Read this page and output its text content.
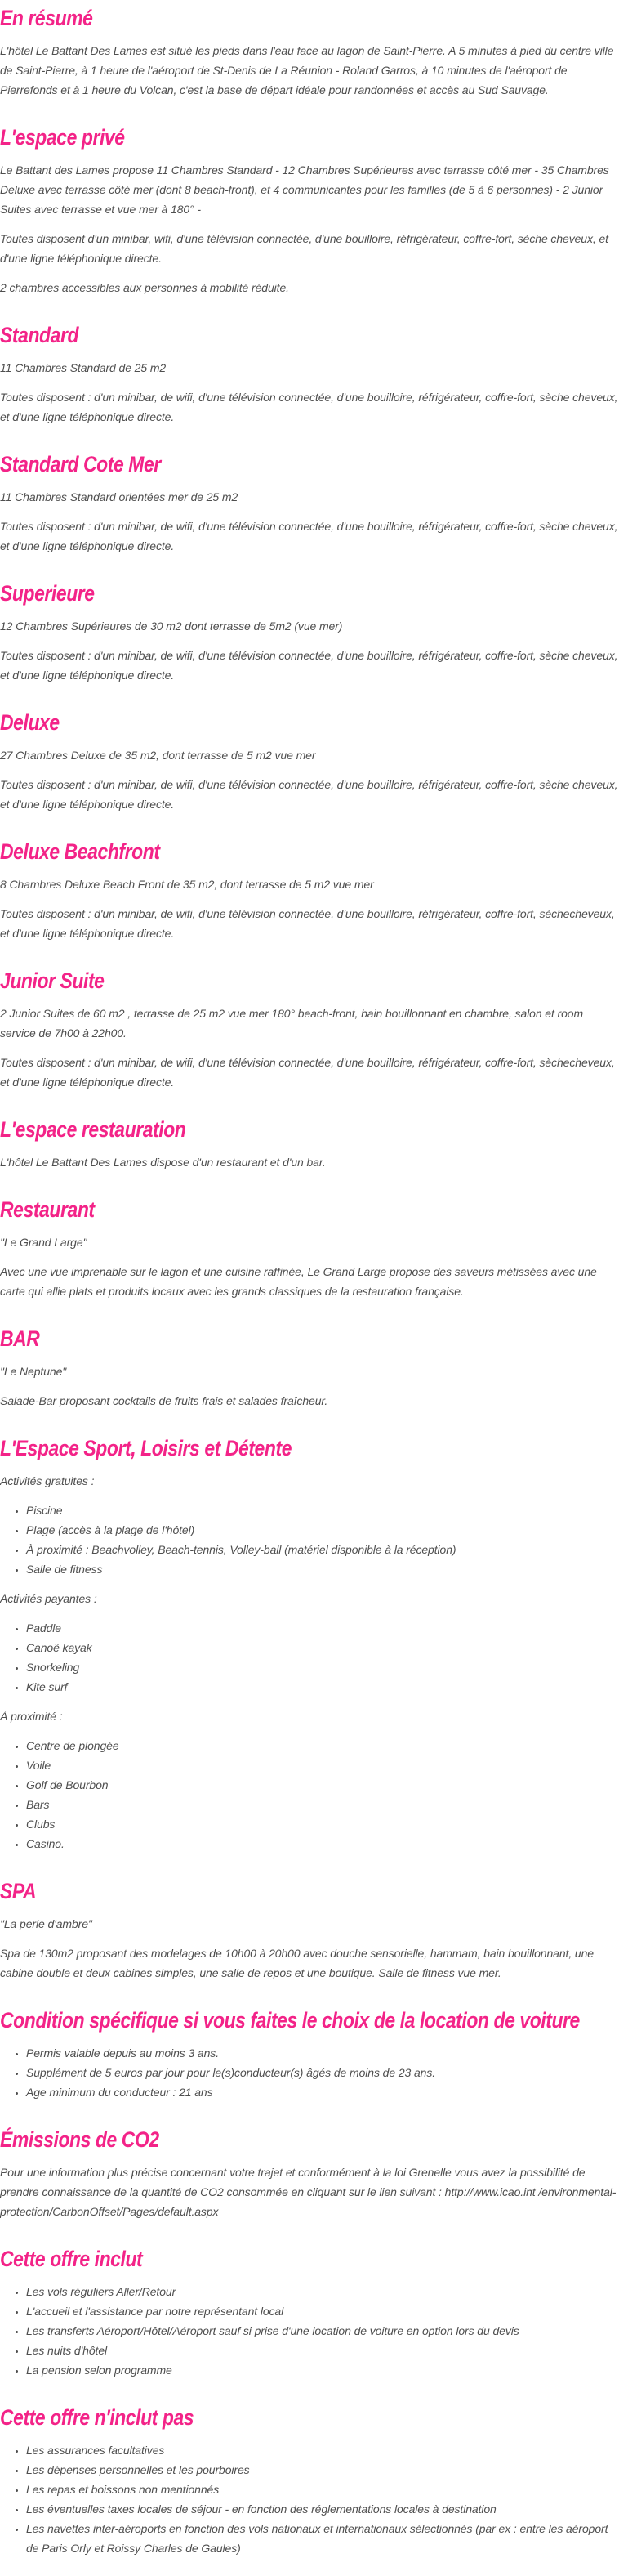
En résumé

L'hôtel Le Battant Des Lames est situé les pieds dans l'eau face au lagon de Saint-Pierre. A 5 minutes à pied du centre ville de Saint-Pierre, à 1 heure de l'aéroport de St-Denis de La Réunion - Roland Garros, à 10 minutes de l'aéroport de Pierrefonds et à 1 heure du Volcan, c'est la base de départ idéale pour randonnées et accès au Sud Sauvage.

L'espace privé

Le Battant des Lames propose 11 Chambres Standard - 12 Chambres Supérieures avec terrasse côté mer - 35 Chambres Deluxe avec terrasse côté mer (dont 8 beach-front), et 4 communicantes pour les familles (de 5 à 6 personnes) - 2 Junior Suites avec terrasse et vue mer à 180° -

Toutes disposent d'un minibar, wifi, d'une télévision connectée, d'une bouilloire, réfrigérateur, coffre-fort, sèche cheveux, et d'une ligne téléphonique directe.

2 chambres accessibles aux personnes à mobilité réduite.

Standard

11 Chambres Standard de 25 m2

Toutes disposent : d'un minibar, de wifi, d'une télévision connectée, d'une bouilloire, réfrigérateur, coffre-fort, sèche cheveux, et d'une ligne téléphonique directe.

Standard Cote Mer

11 Chambres Standard orientées mer de 25 m2

Toutes disposent : d'un minibar, de wifi, d'une télévision connectée, d'une bouilloire, réfrigérateur, coffre-fort, sèche cheveux, et d'une ligne téléphonique directe.

Superieure

12 Chambres Supérieures de 30 m2 dont terrasse de 5m2 (vue mer)

Toutes disposent : d'un minibar, de wifi, d'une télévision connectée, d'une bouilloire, réfrigérateur, coffre-fort, sèche cheveux, et d'une ligne téléphonique directe.

Deluxe

27 Chambres Deluxe de 35 m2, dont terrasse de 5 m2 vue mer

Toutes disposent : d'un minibar, de wifi, d'une télévision connectée, d'une bouilloire, réfrigérateur, coffre-fort, sèche cheveux, et d'une ligne téléphonique directe.

Deluxe Beachfront

8 Chambres Deluxe Beach Front de 35 m2, dont terrasse de 5 m2 vue mer

Toutes disposent : d'un minibar, de wifi, d'une télévision connectée, d'une bouilloire, réfrigérateur, coffre-fort, sèchecheveux, et d'une ligne téléphonique directe.

Junior Suite

2 Junior Suites de 60 m2 , terrasse de 25 m2 vue mer 180° beach-front, bain bouillonnant en chambre, salon et room service de 7h00 à 22h00.

Toutes disposent : d'un minibar, de wifi, d'une télévision connectée, d'une bouilloire, réfrigérateur, coffre-fort, sèchecheveux, et d'une ligne téléphonique directe.

L'espace restauration

L'hôtel Le Battant Des Lames dispose d'un restaurant et d'un bar.

Restaurant

"Le Grand Large"

Avec une vue imprenable sur le lagon et une cuisine raffinée, Le Grand Large propose des saveurs métissées avec une carte qui allie plats et produits locaux avec les grands classiques de la restauration française.

BAR

"Le Neptune"

Salade-Bar proposant cocktails de fruits frais et salades fraîcheur.

L'Espace Sport, Loisirs et Détente

Activités gratuites :

• Piscine
• Plage (accès à la plage de l'hôtel)
• À proximité : Beachvolley, Beach-tennis, Volley-ball (matériel disponible à la réception)
• Salle de fitness

Activités payantes :

• Paddle
• Canoë kayak
• Snorkeling
• Kite surf

À proximité :

• Centre de plongée
• Voile
• Golf de Bourbon
• Bars
• Clubs
• Casino.
SPA

"La perle d'ambre"

Spa de 130m2 proposant des modelages de 10h00 à 20h00 avec douche sensorielle, hammam, bain bouillonnant, une cabine double et deux cabines simples, une salle de repos et une boutique. Salle de fitness vue mer.

Condition spécifique si vous faites le choix de la location de voiture
• Permis valable depuis au moins 3 ans.
• Supplément de 5 euros par jour pour le(s)conducteur(s) âgés de moins de 23 ans.
• Age minimum du conducteur : 21 ans
Émissions de CO2

Pour une information plus précise concernant votre trajet et conformément à la loi Grenelle vous avez la possibilité de prendre connaissance de la quantité de CO2 consommée en cliquant sur le lien suivant : http://www.icao.int /environmental-protection/CarbonOffset/Pages/default.aspx

Cette offre inclut
• Les vols réguliers Aller/Retour
• L'accueil et l'assistance par notre représentant local
• Les transferts Aéroport/Hôtel/Aéroport sauf si prise d'une location de voiture en option lors du devis
• Les nuits d'hôtel
• La pension selon programme
Cette offre n'inclut pas
• Les assurances facultatives
• Les dépenses personnelles et les pourboires
• Les repas et boissons non mentionnés
• Les éventuelles taxes locales de séjour - en fonction des réglementations locales à destination
• Les navettes inter-aéroports en fonction des vols nationaux et internationaux sélectionnés (par ex : entre les aéroport de Paris Orly et Roissy Charles de Gaules)
